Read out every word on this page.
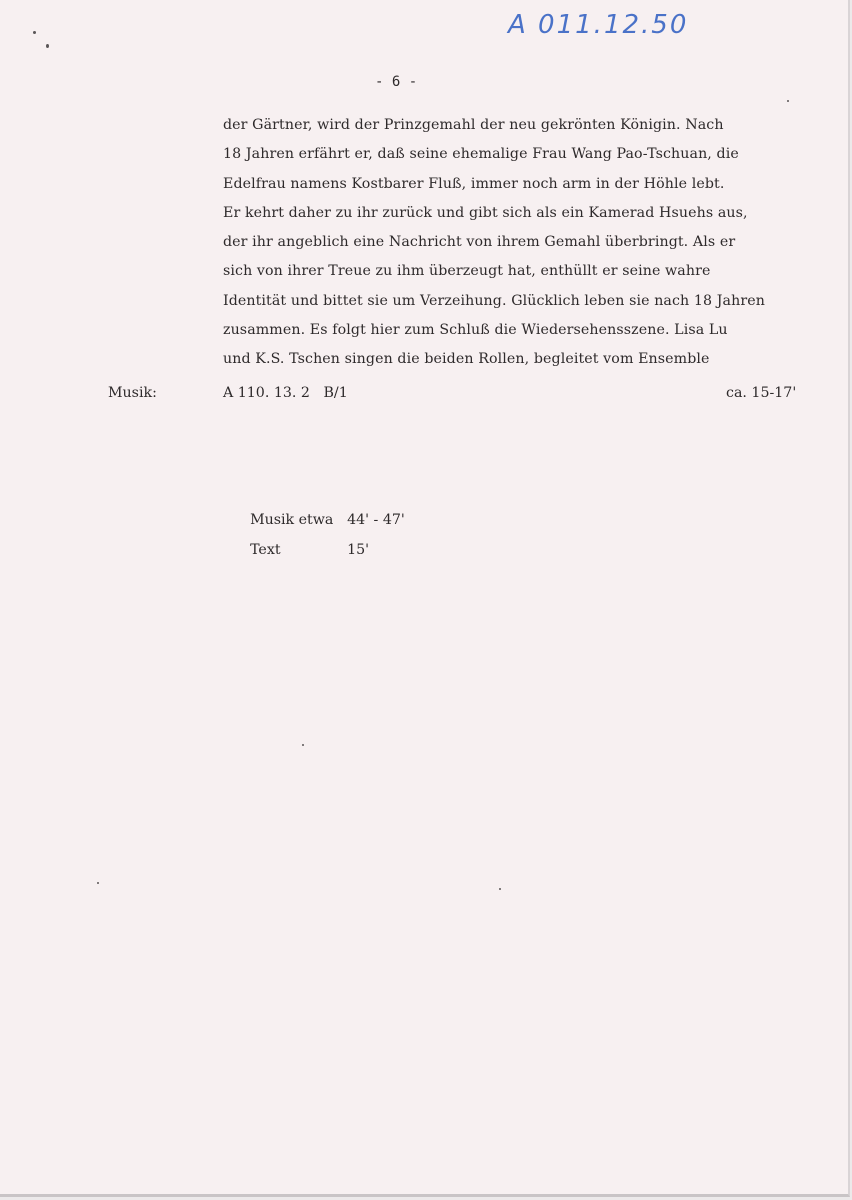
A 011.12.50
- 6 -
der Gärtner, wird der Prinzgemahl der neu gekrönten Königin. Nach
18 Jahren erfährt er, daß seine ehemalige Frau Wang Pao-Tschuan, die
Edelfrau namens Kostbarer Fluß, immer noch arm in der Höhle lebt.
Er kehrt daher zu ihr zurück und gibt sich als ein Kamerad Hsuehs aus,
der ihr angeblich eine Nachricht von ihrem Gemahl überbringt. Als er
sich von ihrer Treue zu ihm überzeugt hat, enthüllt er seine wahre
Identität und bittet sie um Verzeihung. Glücklich leben sie nach 18 Jahren
zusammen. Es folgt hier zum Schluß die Wiedersehensszene. Lisa Lu
und K.S. Tschen singen die beiden Rollen, begleitet vom Ensemble
Musik:	A 110. 13. 2   B/1	ca. 15-17'

Musik etwa 44' - 47'

Text	15'
